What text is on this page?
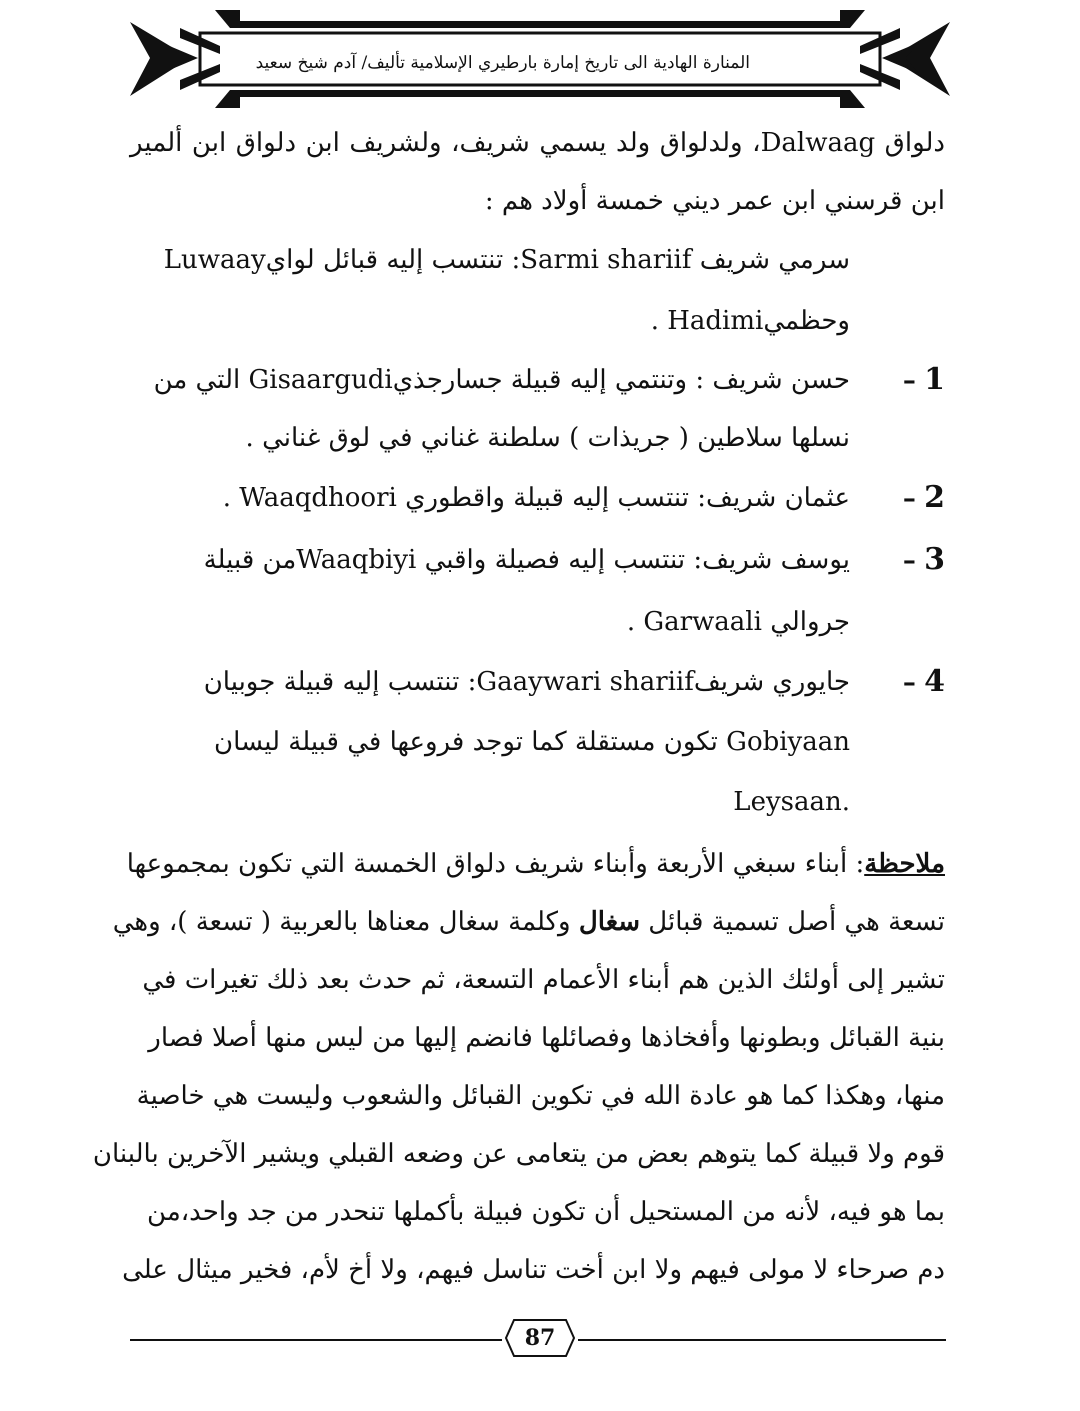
المنارة الهادية الى تاريخ إمارة بارطيري الإسلامية تأليف/ آدم شيخ سعيد
دلواق Dalwaag، ولدلواق ولد يسمي شريف، ولشريف ابن دلواق ابن ألمير
ابن قرسني ابن عمر ديني خمسة أولاد هم :
سرمي شريف Sarmi shariif: تنتسب إليه قبائل لوايLuwaay
وحظميHadimi .
1 –
حسن شريف : وتنتمي إليه قبيلة جسارجذيGisaargudi التي من
نسلها سلاطين ( جريذات ) سلطنة غناني في لوق غناني .
2 –
عثمان شريف: تنتسب إليه قبيلة واقطوري Waaqdhoori .
3 –
يوسف شريف: تنتسب إليه فصيلة واقبي Waaqbiyiمن قبيلة
جروالي Garwaali .
4 –
جايوري شريفGaaywari shariif: تنتسب إليه قبيلة جوبيان
Gobiyaan تكون مستقلة كما توجد فروعها في قبيلة ليسان
.Leysaan
ملاحظة: أبناء سبغي الأربعة وأبناء شريف دلواق الخمسة التي تكون بمجموعها
تسعة هي أصل تسمية قبائل سغال وكلمة سغال معناها بالعربية ( تسعة )، وهي
تشير إلى أولئك الذين هم أبناء الأعمام التسعة، ثم حدث بعد ذلك تغيرات في
بنية القبائل وبطونها وأفخاذها وفصائلها فانضم إليها من ليس منها أصلا فصار
منها، وهكذا كما هو عادة الله في تكوين القبائل والشعوب وليست هي خاصية
قوم ولا قبيلة كما يتوهم بعض من يتعامى عن وضعه القبلي ويشير الآخرين بالبنان
بما هو فيه، لأنه من المستحيل أن تكون فبيلة بأكملها تنحدر من جد واحد،من
دم صرحاء لا مولى فيهم ولا ابن أخت تناسل فيهم، ولا أخ لأم، فخير ميثال على
87
